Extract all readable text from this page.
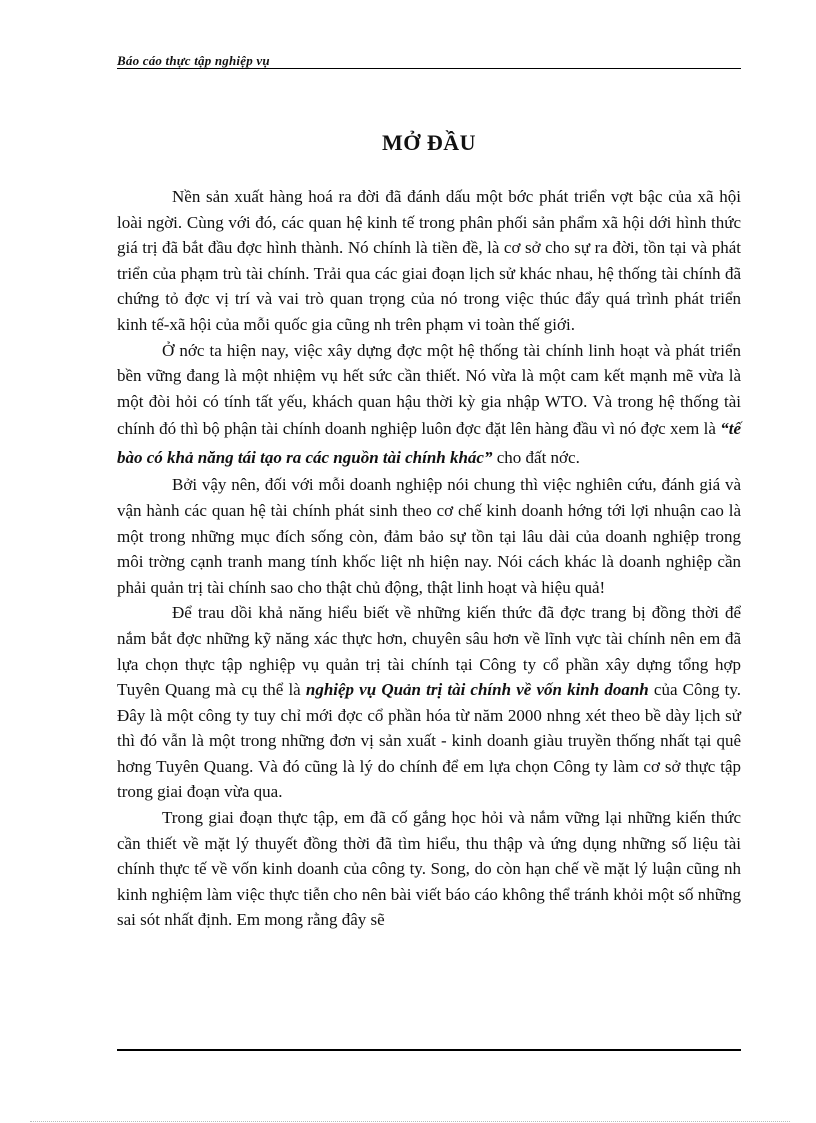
Báo cáo thực tập nghiệp vụ
MỞ ĐẦU

Nền sản xuất hàng hoá ra đời đã đánh dấu một bớc phát triển vợt bậc của xã hội loài ngời. Cùng với đó, các quan hệ kinh tế trong phân phối sản phẩm xã hội dới hình thức giá trị đã bắt đầu đợc hình thành. Nó chính là tiền đề, là cơ sở cho sự ra đời, tồn tại và phát triển của phạm trù tài chính. Trải qua các giai đoạn lịch sử khác nhau, hệ thống tài chính đã chứng tỏ đợc vị trí và vai trò quan trọng của nó trong việc thúc đẩy quá trình phát triển kinh tế-xã hội của mỗi quốc gia cũng nh trên phạm vi toàn thế giới.

Ở nớc ta hiện nay, việc xây dựng đợc một hệ thống tài chính linh hoạt và phát triển bền vững đang là một nhiệm vụ hết sức cần thiết. Nó vừa là một cam kết mạnh mẽ vừa là một đòi hỏi có tính tất yếu, khách quan hậu thời kỳ gia nhập WTO. Và trong hệ thống tài chính đó thì bộ phận tài chính doanh nghiệp luôn đợc đặt lên hàng đầu vì nó đợc xem là “tế bào có khả năng tái tạo ra các nguồn tài chính khác” cho đất nớc.

Bởi vậy nên, đối với mỗi doanh nghiệp nói chung thì việc nghiên cứu, đánh giá và vận hành các quan hệ tài chính phát sinh theo cơ chế kinh doanh hớng tới lợi nhuận cao là một trong những mục đích sống còn, đảm bảo sự tồn tại lâu dài của doanh nghiệp trong môi trờng cạnh tranh mang tính khốc liệt nh hiện nay. Nói cách khác là doanh nghiệp cần phải quản trị tài chính sao cho thật chủ động, thật linh hoạt và hiệu quả!

Để trau dồi khả năng hiểu biết về những kiến thức đã đợc trang bị đồng thời để nắm bắt đợc những kỹ năng xác thực hơn, chuyên sâu hơn về lĩnh vực tài chính nên em đã lựa chọn thực tập nghiệp vụ quản trị tài chính tại Công ty cổ phần xây dựng tổng hợp Tuyên Quang mà cụ thể là nghiệp vụ Quản trị tài chính về vốn kinh doanh của Công ty. Đây là một công ty tuy chỉ mới đợc cổ phần hóa từ năm 2000 nhng xét theo bề dày lịch sử thì đó vẫn là một trong những đơn vị sản xuất - kinh doanh giàu truyền thống nhất tại quê hơng Tuyên Quang. Và đó cũng là lý do chính để em lựa chọn Công ty làm cơ sở thực tập trong giai đoạn vừa qua.

Trong giai đoạn thực tập, em đã cố gắng học hỏi và nắm vững lại những kiến thức cần thiết về mặt lý thuyết đồng thời đã tìm hiểu, thu thập và ứng dụng những số liệu tài chính thực tế về vốn kinh doanh của công ty. Song, do còn hạn chế về mặt lý luận cũng nh kinh nghiệm làm việc thực tiễn cho nên bài viết báo cáo không thể tránh khỏi một số những sai sót nhất định. Em mong rằng đây sẽ
